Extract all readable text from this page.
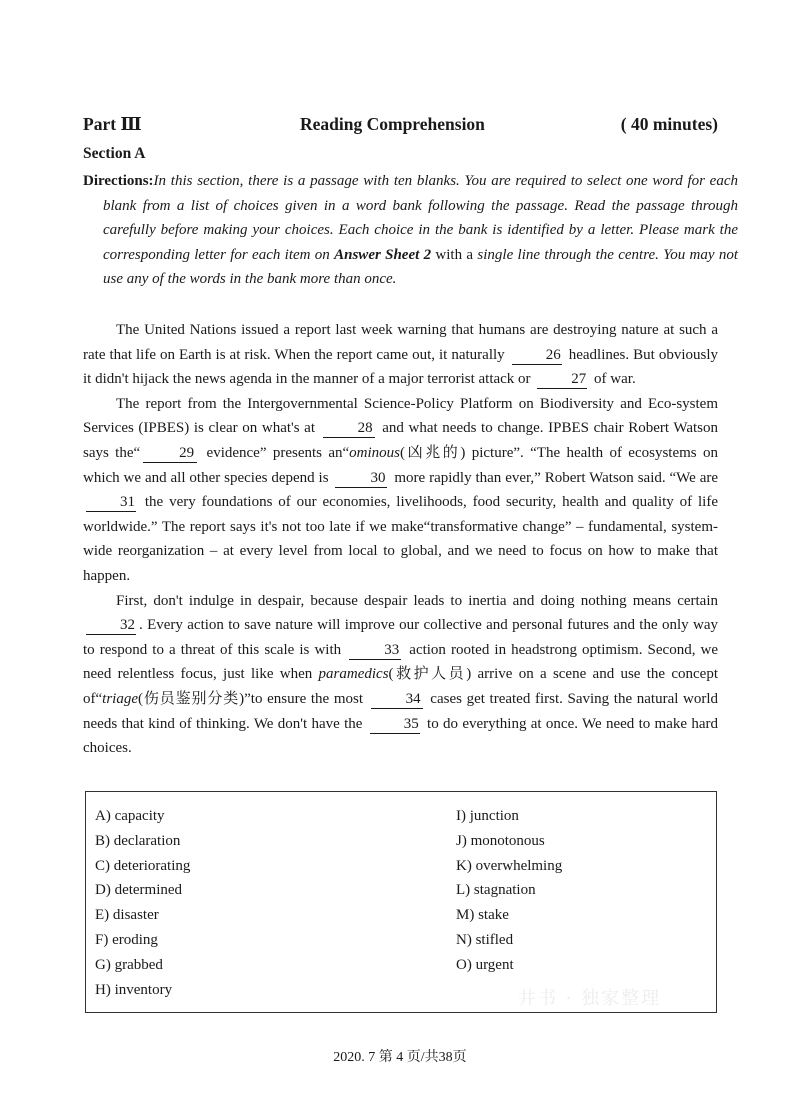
Part Ⅲ	Reading Comprehension	( 40 minutes)
Section A
Directions:In this section, there is a passage with ten blanks. You are required to select one word for each blank from a list of choices given in a word bank following the passage. Read the passage through carefully before making your choices. Each choice in the bank is identified by a letter. Please mark the corresponding letter for each item on Answer Sheet 2 with a single line through the centre. You may not use any of the words in the bank more than once.

The United Nations issued a report last week warning that humans are destroying nature at such a rate that life on Earth is at risk. When the report came out, it naturally	26 headlines. But obviously it didn't hijack the news agenda in the manner of a major terrorist attack or	27 of war.

The report from the Intergovernmental Science-Policy Platform on Biodiversity and Eco-system Services (IPBES) is clear on what's at	28 and what needs to change. IPBES chair Robert Watson says the“	29 evidence” presents an“ominous(凶兆的) picture”. “The health of ecosystems on which we and all other species depend is	30 more rapidly than ever,” Robert Watson said. “We are 31 the very foundations of our economies, livelihoods, food security, health and quality of life worldwide.” The report says it's not too late if we make“transformative change” – fundamental, system-wide reorganization – at every level from local to global, and we need to focus on how to make that happen.

First, don't indulge in despair, because despair leads to inertia and doing nothing means certain 32 . Every action to save nature will improve our collective and personal futures and the only way to respond to a threat of this scale is with	33 action rooted in headstrong optimism. Second, we need relentless focus, just like when paramedics(救护人员) arrive on a scene and use the concept of“triage(伤员鉴别分类)”to ensure the most	34 cases get treated first. Saving the natural world needs that kind of thinking. We don't have the	35 to do everything at once. We need to make hard choices.

A) capacity
B) declaration
C) deteriorating
D) determined
E) disaster
F) eroding
G) grabbed
H) inventory
I) junction
J) monotonous
K) overwhelming
L) stagnation
M) stake
N) stifled
O) urgent
井书 · 独家整理
2020. 7 第 4 页/共38页
